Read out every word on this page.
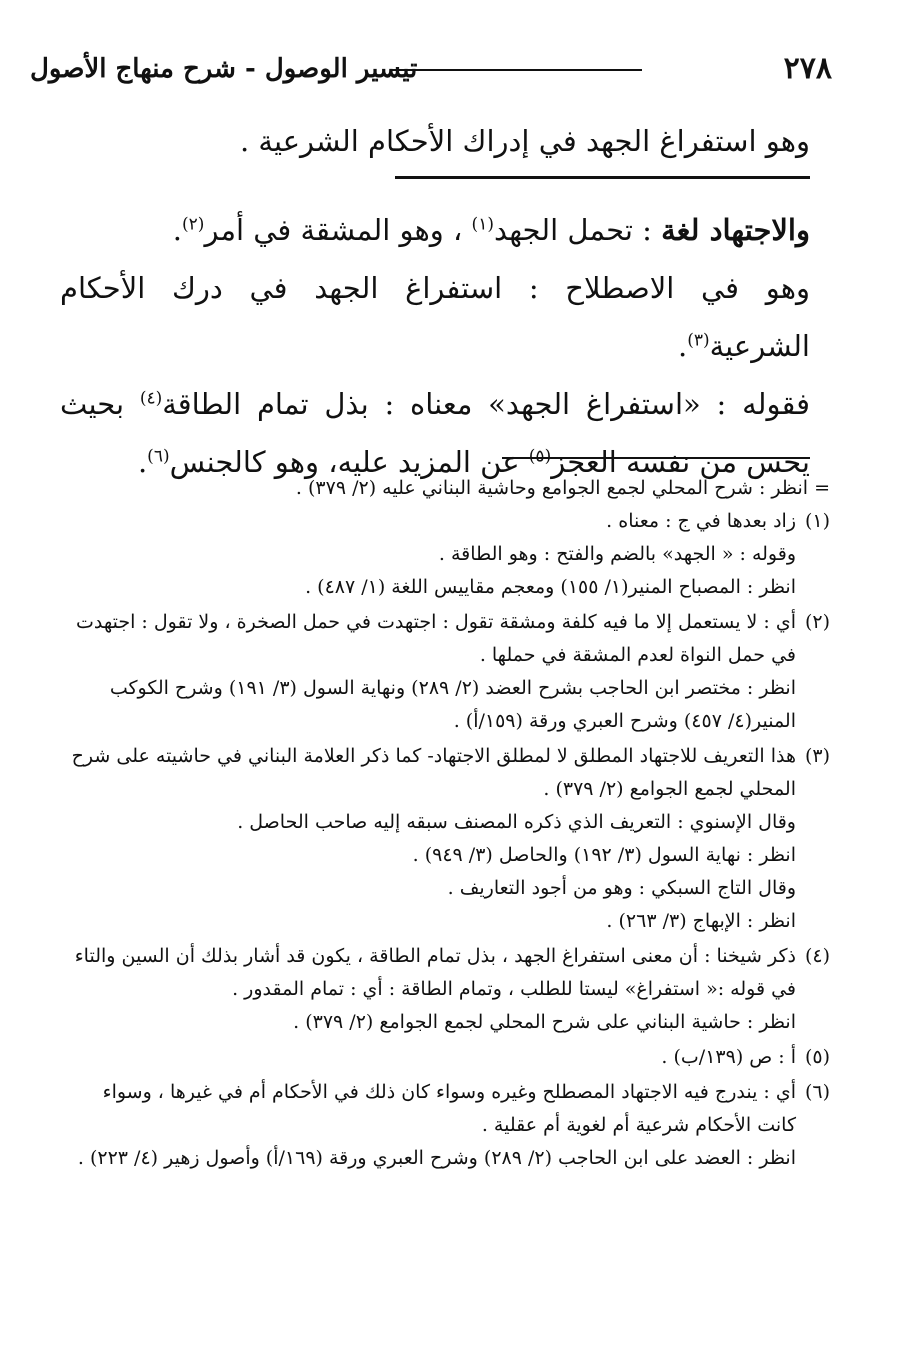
٢٧٨
تيسير الوصول - شرح منهاج الأصول

وهو استفراغ الجهد في إدراك الأحكام الشرعية .

والاجتهاد لغة : تحمل الجهد$^{(١)}$ ، وهو المشقة في أمر$^{(٢)}$.

وهو في الاصطلاح : استفراغ الجهد في درك الأحكام الشرعية$^{(٣)}$.

فقوله : «استفراغ الجهد» معناه : بذل تمام الطاقة$^{(٤)}$ بحيث يحس من نفسه العجز$^{(٥)}$ عن المزيد عليه، وهو كالجنس$^{(٦)}$.

= انظر : شرح المحلي لجمع الجوامع وحاشية البناني عليه (٢/ ٣٧٩) .

(١)

زاد بعدها في ج : معناه .

وقوله : « الجهد» بالضم والفتح : وهو الطاقة .

انظر : المصباح المنير(١/ ١٥٥) ومعجم مقاييس اللغة (١/ ٤٨٧) .

(٢)

أي : لا يستعمل إلا ما فيه كلفة ومشقة تقول : اجتهدت في حمل الصخرة ، ولا تقول : اجتهدت في حمل النواة لعدم المشقة في حملها .

انظر : مختصر ابن الحاجب بشرح العضد (٢/ ٢٨٩) ونهاية السول (٣/ ١٩١) وشرح الكوكب المنير(٤/ ٤٥٧) وشرح العبري ورقة (١٥٩/أ) .

(٣)

هذا التعريف للاجتهاد المطلق لا لمطلق الاجتهاد- كما ذكر العلامة البناني في حاشيته على شرح المحلي لجمع الجوامع (٢/ ٣٧٩) .

وقال الإسنوي : التعريف الذي ذكره المصنف سبقه إليه صاحب الحاصل .

انظر : نهاية السول (٣/ ١٩٢) والحاصل (٣/ ٩٤٩) .

وقال التاج السبكي : وهو من أجود التعاريف .

انظر : الإبهاج (٣/ ٢٦٣) .

(٤)

ذكر شيخنا : أن معنى استفراغ الجهد ، بذل تمام الطاقة ، يكون قد أشار بذلك أن السين والتاء في قوله :« استفراغ» ليستا للطلب ، وتمام الطاقة : أي : تمام المقدور .

انظر : حاشية البناني على شرح المحلي لجمع الجوامع (٢/ ٣٧٩) .

(٥)

أ : ص (١٣٩/ب) .

(٦)

أي : يندرج فيه الاجتهاد المصطلح وغيره وسواء كان ذلك في الأحكام أم في غيرها ، وسواء كانت الأحكام شرعية أم لغوية أم عقلية .

انظر : العضد على ابن الحاجب (٢/ ٢٨٩) وشرح العبري ورقة (١٦٩/أ) وأصول زهير (٤/ ٢٢٣) .
